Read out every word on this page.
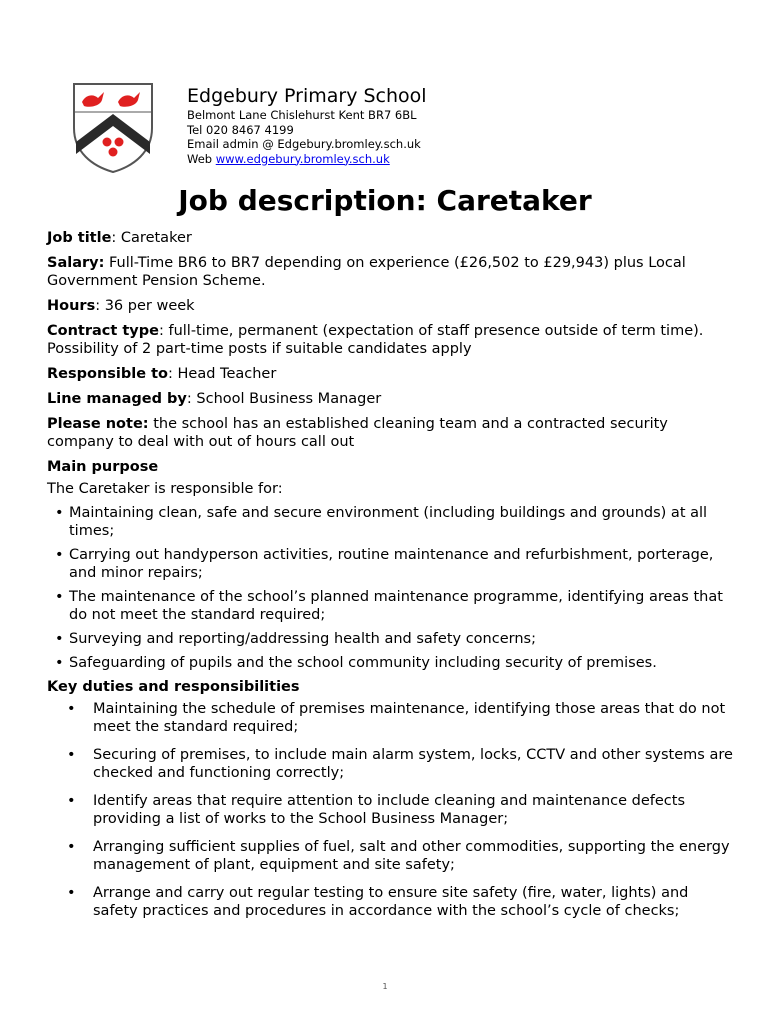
Edgebury Primary School
Belmont Lane Chislehurst Kent BR7 6BL
Tel 020 8467 4199
Email admin @ Edgebury.bromley.sch.uk
Web www.edgebury.bromley.sch.uk
Job description: Caretaker
Job title: Caretaker
Salary: Full-Time BR6 to BR7 depending on experience (£26,502 to £29,943) plus Local Government Pension Scheme.
Hours: 36 per week
Contract type: full-time, permanent (expectation of staff presence outside of term time). Possibility of 2 part-time posts if suitable candidates apply
Responsible to: Head Teacher
Line managed by: School Business Manager
Please note: the school has an established cleaning team and a contracted security company to deal with out of hours call out
Main purpose
The Caretaker is responsible for:
• Maintaining clean, safe and secure environment (including buildings and grounds) at all times;
• Carrying out handyperson activities, routine maintenance and refurbishment, porterage, and minor repairs;
• The maintenance of the school’s planned maintenance programme, identifying areas that do not meet the standard required;
• Surveying and reporting/addressing health and safety concerns;
• Safeguarding of pupils and the school community including security of premises.
Key duties and responsibilities
• Maintaining the schedule of premises maintenance, identifying those areas that do not meet the standard required;
• Securing of premises, to include main alarm system, locks, CCTV and other systems are checked and functioning correctly;
• Identify areas that require attention to include cleaning and maintenance defects providing a list of works to the School Business Manager;
• Arranging sufficient supplies of fuel, salt and other commodities, supporting the energy management of plant, equipment and site safety;
• Arrange and carry out regular testing to ensure site safety (fire, water, lights) and safety practices and procedures in accordance with the school’s cycle of checks;
1
